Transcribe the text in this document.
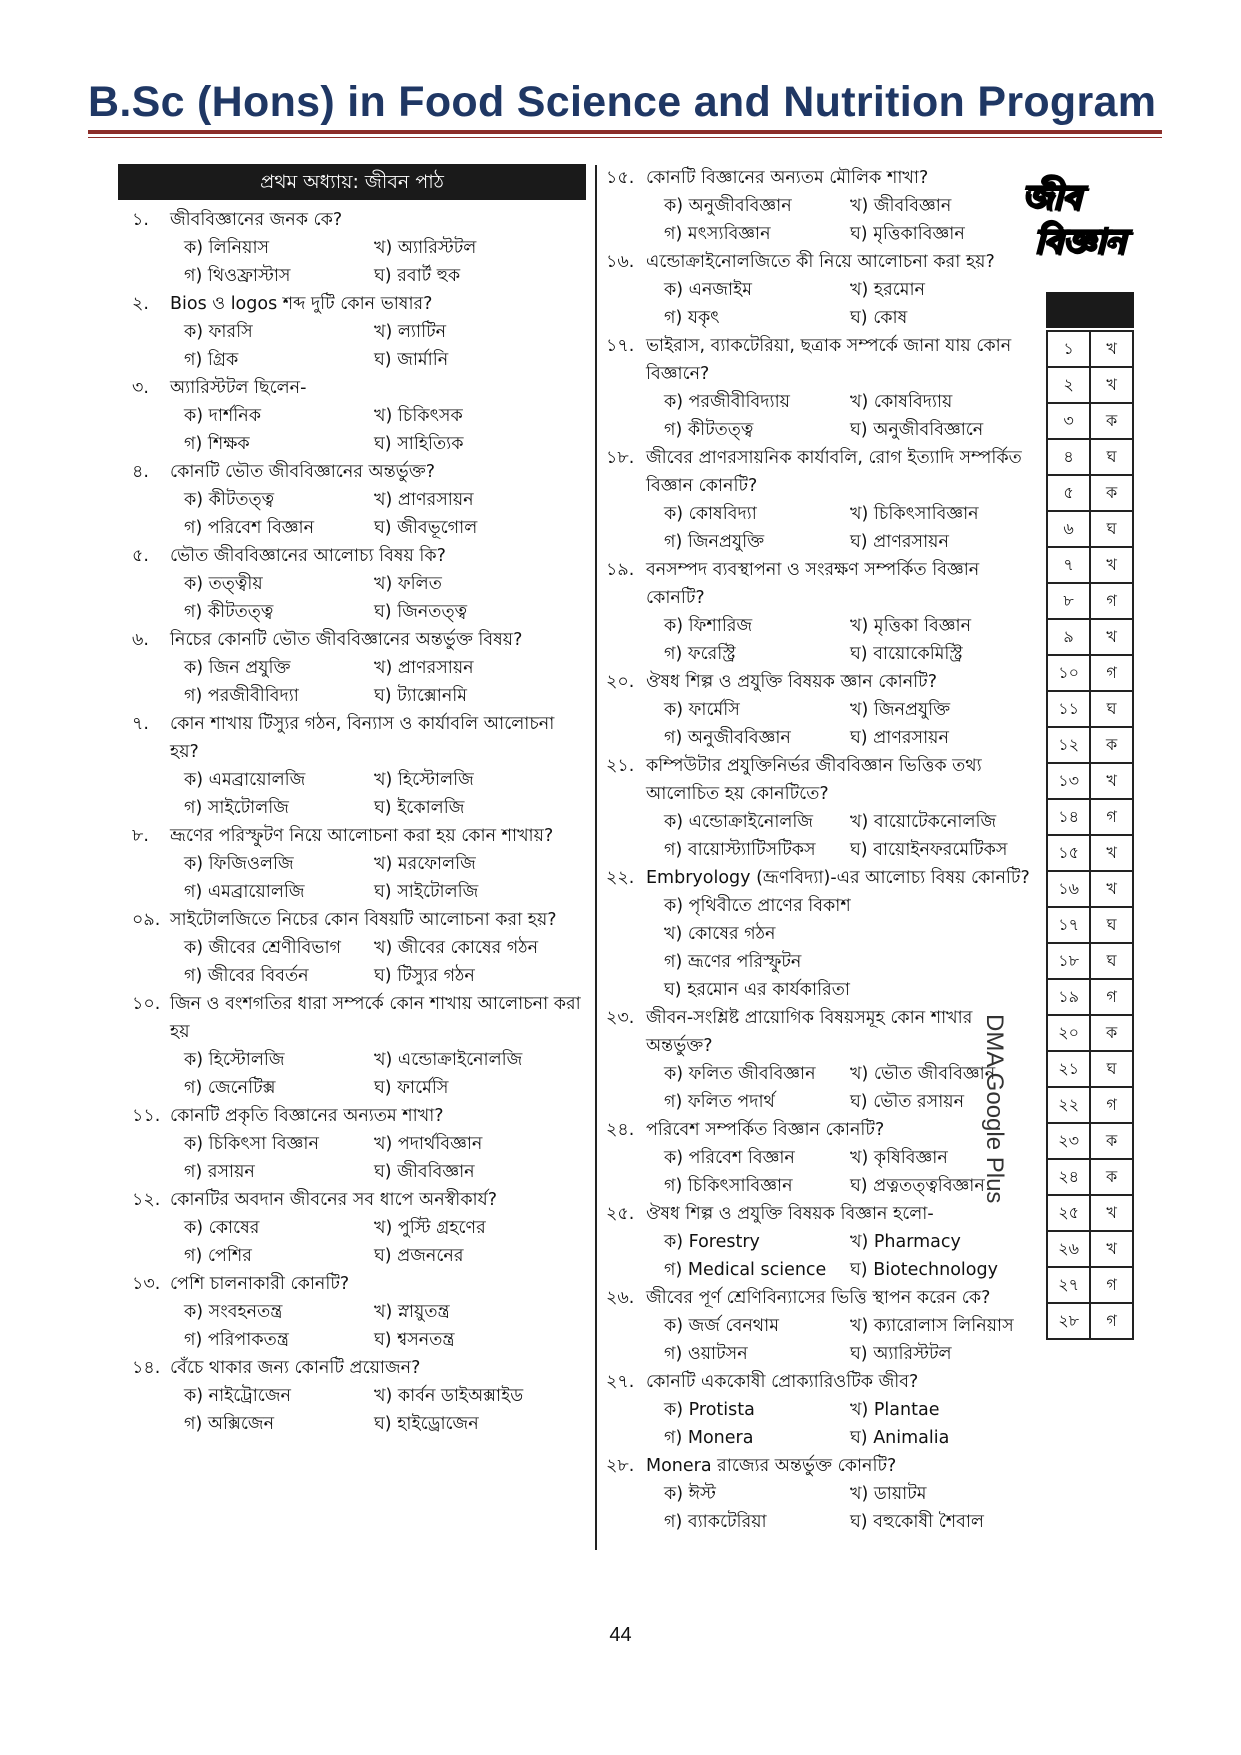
B.Sc (Hons) in Food Science and Nutrition Program
প্রথম অধ্যায়: জীবন পাঠ
১.	জীববিজ্ঞানের জনক কে?
ক) লিনিয়াস	খ) অ্যারিস্টটল
গ) থিওফ্রাস্টাস	ঘ) রবার্ট হুক
২.	Bios ও logos শব্দ দুটি কোন ভাষার?
ক) ফারসি	খ) ল্যাটিন
গ) গ্রিক	ঘ) জার্মানি
৩.	অ্যারিস্টটল ছিলেন-
ক) দার্শনিক	খ) চিকিৎসক
গ) শিক্ষক	ঘ) সাহিত্যিক
৪.	কোনটি ভৌত জীববিজ্ঞানের অন্তর্ভুক্ত?
ক) কীটতত্ত্ব	খ) প্রাণরসায়ন
গ) পরিবেশ বিজ্ঞান	ঘ) জীবভূগোল
৫.	ভৌত জীববিজ্ঞানের আলোচ্য বিষয় কি?
ক) তত্ত্বীয়	খ) ফলিত
গ) কীটতত্ত্ব	ঘ) জিনতত্ত্ব
৬.	নিচের কোনটি ভৌত জীববিজ্ঞানের অন্তর্ভুক্ত বিষয়?
ক) জিন প্রযুক্তি	খ) প্রাণরসায়ন
গ) পরজীবীবিদ্যা	ঘ) ট্যাক্সোনমি
৭.	কোন শাখায় টিস্যুর গঠন, বিন্যাস ও কার্যাবলি আলোচনা হয়?
ক) এমব্রায়োলজি	খ) হিস্টোলজি
গ) সাইটোলজি	ঘ) ইকোলজি
৮.	ভ্রূণের পরিস্ফুটণ নিয়ে আলোচনা করা হয় কোন শাখায়?
ক) ফিজিওলজি	খ) মরফোলজি
গ) এমব্রায়োলজি	ঘ) সাইটোলজি
০৯. সাইটোলজিতে নিচের কোন বিষয়টি আলোচনা করা হয়?
ক) জীবের শ্রেণীবিভাগ	খ) জীবের কোষের গঠন
গ) জীবের বিবর্তন	ঘ) টিস্যুর গঠন
১০. জিন ও বংশগতির ধারা সম্পর্কে কোন শাখায় আলোচনা করা হয়
ক) হিস্টোলজি	খ) এন্ডোক্রাইনোলজি
গ) জেনেটিক্স	ঘ) ফার্মেসি
১১. কোনটি প্রকৃতি বিজ্ঞানের অন্যতম শাখা?
ক) চিকিৎসা বিজ্ঞান	খ) পদার্থবিজ্ঞান
গ) রসায়ন	ঘ) জীববিজ্ঞান
১২. কোনটির অবদান জীবনের সব ধাপে অনস্বীকার্য?
ক) কোষের	খ) পুস্টি গ্রহণের
গ) পেশির	ঘ) প্রজননের
১৩. পেশি চালনাকারী কোনটি?
ক) সংবহনতন্ত্র	খ) স্নায়ুতন্ত্র
গ) পরিপাকতন্ত্র	ঘ) শ্বসনতন্ত্র
১৪. বেঁচে থাকার জন্য কোনটি প্রয়োজন?
ক) নাইট্রোজেন	খ) কার্বন ডাইঅক্সাইড
গ) অক্সিজেন	ঘ) হাইড্রোজেন
১৫. কোনটি বিজ্ঞানের অন্যতম মৌলিক শাখা?
ক) অনুজীববিজ্ঞান	খ) জীববিজ্ঞান
গ) মৎস্যবিজ্ঞান	ঘ) মৃত্তিকাবিজ্ঞান
১৬. এন্ডোক্রাইনোলজিতে কী নিয়ে আলোচনা করা হয়?
ক) এনজাইম	খ) হরমোন
গ) যকৃৎ	ঘ) কোষ
১৭. ভাইরাস, ব্যাকটেরিয়া, ছত্রাক সম্পর্কে জানা যায় কোন বিজ্ঞানে?
ক) পরজীবীবিদ্যায়	খ) কোষবিদ্যায়
গ) কীটতত্ত্ব	ঘ) অনুজীববিজ্ঞানে
১৮. জীবের প্রাণরসায়নিক কার্যাবলি, রোগ ইত্যাদি সম্পর্কিত বিজ্ঞান কোনটি?
ক) কোষবিদ্যা	খ) চিকিৎসাবিজ্ঞান
গ) জিনপ্রযুক্তি	ঘ) প্রাণরসায়ন
১৯. বনসম্পদ ব্যবস্থাপনা ও সংরক্ষণ সম্পর্কিত বিজ্ঞান কোনটি?
ক) ফিশারিজ	খ) মৃত্তিকা বিজ্ঞান
গ) ফরেস্ট্রি	ঘ) বায়োকেমিস্ট্রি
২০. ঔষধ শিল্প ও প্রযুক্তি বিষয়ক জ্ঞান কোনটি?
ক) ফার্মেসি	খ) জিনপ্রযুক্তি
গ) অনুজীববিজ্ঞান	ঘ) প্রাণরসায়ন
২১. কম্পিউটার প্রযুক্তিনির্ভর জীববিজ্ঞান ভিত্তিক তথ্য আলোচিত হয় কোনটিতে?
ক) এন্ডোক্রাইনোলজি	খ) বায়োটেকনোলজি
গ) বায়োস্ট্যাটিসটিকস	ঘ) বায়োইনফরমেটিকস
২২. Embryology (ভ্রূণবিদ্যা)-এর আলোচ্য বিষয় কোনটি?
ক) পৃথিবীতে প্রাণের বিকাশ
খ) কোষের গঠন
গ) ভ্রূণের পরিস্ফুটন
ঘ) হরমোন এর কার্যকারিতা
২৩. জীবন-সংশ্লিষ্ট প্রায়োগিক বিষয়সমূহ কোন শাখার অন্তর্ভুক্ত?
ক) ফলিত জীববিজ্ঞান	খ) ভৌত জীববিজ্ঞান
গ) ফলিত পদার্থ	ঘ) ভৌত রসায়ন
২৪. পরিবেশ সম্পর্কিত বিজ্ঞান কোনটি?
ক) পরিবেশ বিজ্ঞান	খ) কৃষিবিজ্ঞান
গ) চিকিৎসাবিজ্ঞান	ঘ) প্রত্নতত্ত্ববিজ্ঞান
২৫. ঔষধ শিল্প ও প্রযুক্তি বিষয়ক বিজ্ঞান হলো-
ক) Forestry	খ) Pharmacy
গ) Medical science	ঘ) Biotechnology
২৬. জীবের পূর্ণ শ্রেণিবিন্যাসের ভিত্তি স্থাপন করেন কে?
ক) জর্জ বেনথাম	খ) ক্যারোলাস লিনিয়াস
গ) ওয়াটসন	ঘ) অ্যারিস্টটল
২৭. কোনটি এককোষী প্রোক্যারিওটিক জীব?
ক) Protista	খ) Plantae
গ) Monera	ঘ) Animalia
২৮. Monera রাজ্যের অন্তর্ভুক্ত কোনটি?
ক) ঈস্ট	খ) ডায়াটম
গ) ব্যাকটেরিয়া	ঘ) বহুকোষী শৈবাল
জীব
বিজ্ঞান
১	খ
২	খ
৩	ক
৪	ঘ
৫	ক
৬	ঘ
৭	খ
৮	গ
৯	খ
১০	গ
১১	ঘ
১২	ক
১৩	খ
১৪	গ
১৫	খ
১৬	খ
১৭	ঘ
১৮	ঘ
১৯	গ
২০	ক
২১	ঘ
২২	গ
২৩	ক
২৪	ক
২৫	খ
২৬	খ
২৭	গ
২৮	গ
DMA Google Plus
44
